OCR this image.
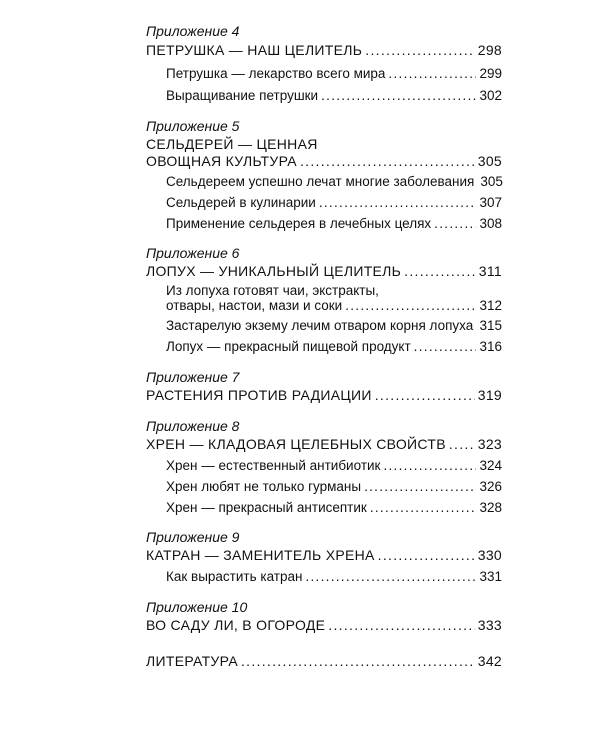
Приложение 4
ПЕТРУШКА — НАШ ЦЕЛИТЕЛЬ .....	298
Петрушка — лекарство всего мира .....	299
Выращивание петрушки .....	302
Приложение 5
СЕЛЬДЕРЕЙ — ЦЕННАЯ
ОВОЩНАЯ КУЛЬТУРА .....	305
Сельдереем успешно лечат многие заболевания 305
Сельдерей в кулинарии .....	307
Применение сельдерея в лечебных целях .....	308
Приложение 6
ЛОПУХ — УНИКАЛЬНЫЙ ЦЕЛИТЕЛЬ .....	311
Из лопуха готовят чаи, экстракты,
отвары, настои, мази и соки .....	312
Застарелую экзему лечим отваром корня лопуха ..... 315
Лопух — прекрасный пищевой продукт .....	316
Приложение 7
РАСТЕНИЯ ПРОТИВ РАДИАЦИИ .....	319
Приложение 8
ХРЕН — КЛАДОВАЯ ЦЕЛЕБНЫХ СВОЙСТВ ..... 323
Хрен — естественный антибиотик .....	324
Хрен любят не только гурманы .....	326
Хрен — прекрасный антисептик .....	328
Приложение 9
КАТРАН — ЗАМЕНИТЕЛЬ ХРЕНА .....	330
Как вырастить катран .....	331
Приложение 10
ВО САДУ ЛИ, В ОГОРОДЕ .....	333
ЛИТЕРАТУРА .....	342
